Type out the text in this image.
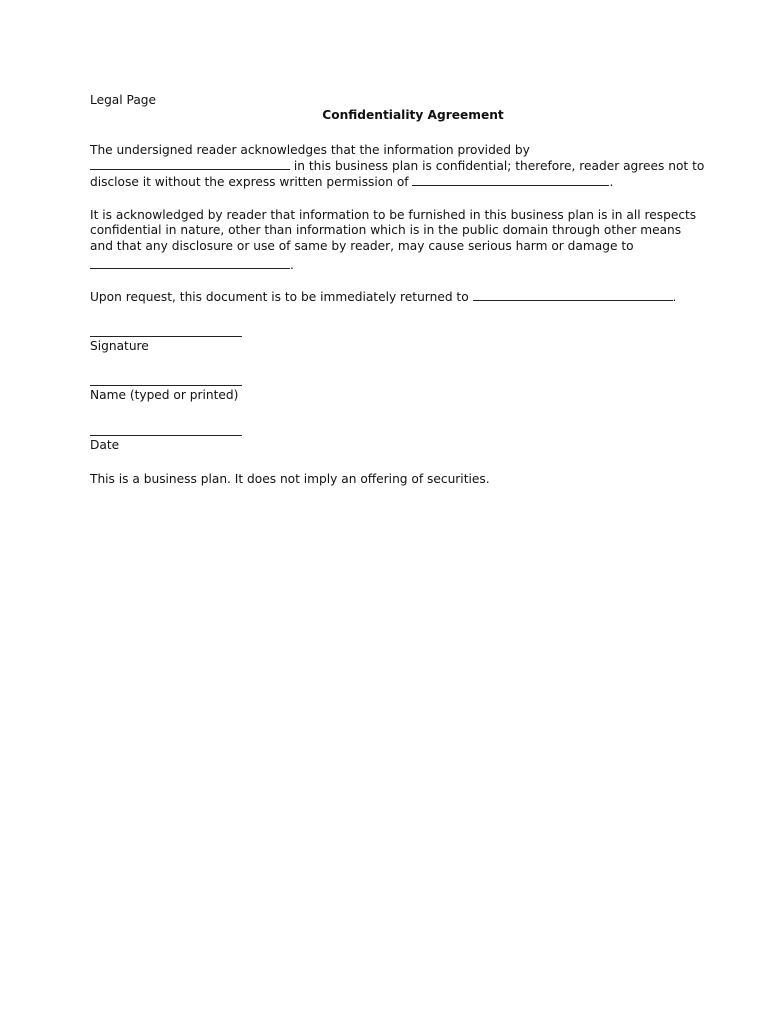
Legal Page
Confidentiality Agreement
The undersigned reader acknowledges that the information provided by
in this business plan is confidential; therefore, reader agrees not to
disclose it without the express written permission of	.
It is acknowledged by reader that information to be furnished in this business plan is in all respects
confidential in nature, other than information which is in the public domain through other means
and that any disclosure or use of same by reader, may cause serious harm or damage to
.
Upon request, this document is to be immediately returned to	.
Signature
Name (typed or printed)
Date
This is a business plan. It does not imply an offering of securities.
